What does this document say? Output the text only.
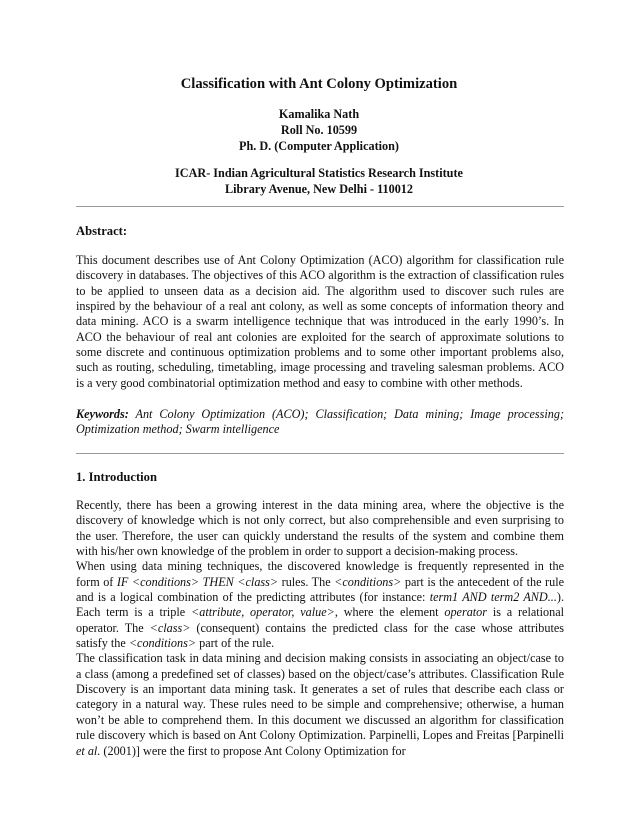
Classification with Ant Colony Optimization
Kamalika Nath
Roll No. 10599
Ph. D. (Computer Application)
ICAR- Indian Agricultural Statistics Research Institute
Library Avenue, New Delhi - 110012
Abstract:

This document describes use of Ant Colony Optimization (ACO) algorithm for classification rule discovery in databases. The objectives of this ACO algorithm is the extraction of classification rules to be applied to unseen data as a decision aid. The algorithm used to discover such rules are inspired by the behaviour of a real ant colony, as well as some concepts of information theory and data mining. ACO is a swarm intelligence technique that was introduced in the early 1990’s. In ACO the behaviour of real ant colonies are exploited for the search of approximate solutions to some discrete and continuous optimization problems and to some other important problems also, such as routing, scheduling, timetabling, image processing and traveling salesman problems. ACO is a very good combinatorial optimization method and easy to combine with other methods.

Keywords: Ant Colony Optimization (ACO); Classification; Data mining; Image processing; Optimization method; Swarm intelligence

1. Introduction
Recently, there has been a growing interest in the data mining area, where the objective is the discovery of knowledge which is not only correct, but also comprehensible and even surprising to the user. Therefore, the user can quickly understand the results of the system and combine them with his/her own knowledge of the problem in order to support a decision-making process.
When using data mining techniques, the discovered knowledge is frequently represented in the form of IF <conditions> THEN <class> rules. The <conditions> part is the antecedent of the rule and is a logical combination of the predicting attributes (for instance: term1 AND term2 AND...). Each term is a triple <attribute, operator, value>, where the element operator is a relational operator. The <class> (consequent) contains the predicted class for the case whose attributes satisfy the <conditions> part of the rule.
The classification task in data mining and decision making consists in associating an object/case to a class (among a predefined set of classes) based on the object/case’s attributes. Classification Rule Discovery is an important data mining task. It generates a set of rules that describe each class or category in a natural way. These rules need to be simple and comprehensive; otherwise, a human won’t be able to comprehend them. In this document we discussed an algorithm for classification rule discovery which is based on Ant Colony Optimization. Parpinelli, Lopes and Freitas [Parpinelli et al. (2001)] were the first to propose Ant Colony Optimization for
